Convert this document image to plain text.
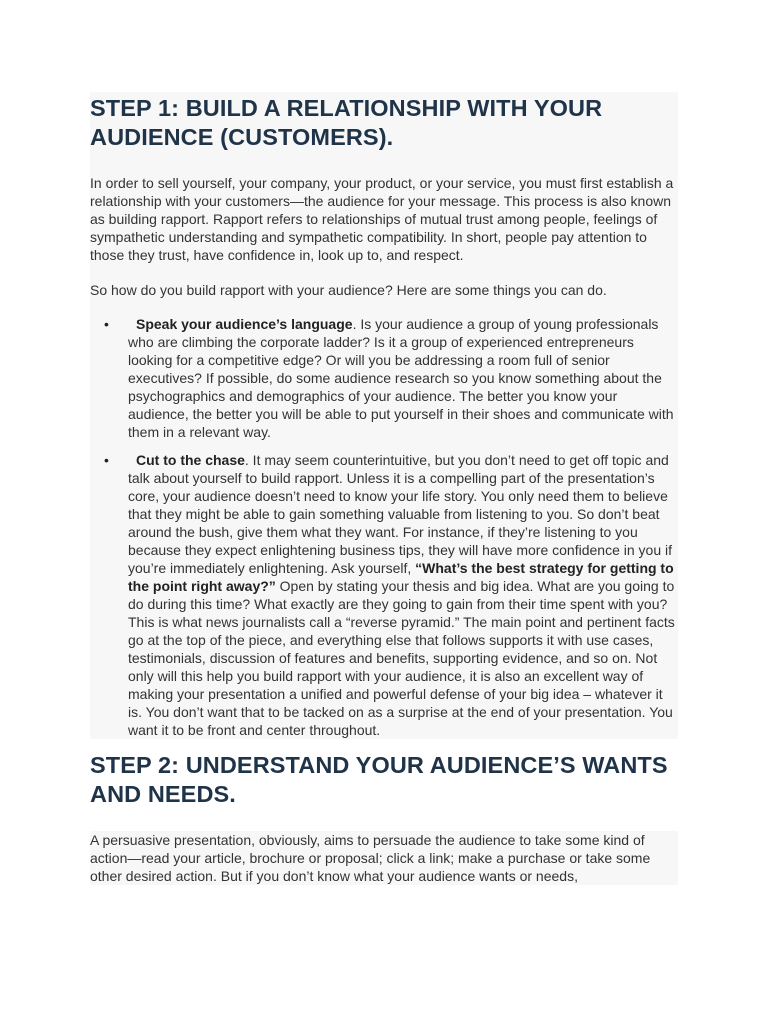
STEP 1: BUILD A RELATIONSHIP WITH YOUR AUDIENCE (CUSTOMERS).

In order to sell yourself, your company, your product, or your service, you must first establish a relationship with your customers—the audience for your message. This process is also known as building rapport. Rapport refers to relationships of mutual trust among people, feelings of sympathetic understanding and sympathetic compatibility. In short, people pay attention to those they trust, have confidence in, look up to, and respect.

So how do you build rapport with your audience? Here are some things you can do.

• Speak your audience’s language. Is your audience a group of young professionals who are climbing the corporate ladder? Is it a group of experienced entrepreneurs looking for a competitive edge? Or will you be addressing a room full of senior executives? If possible, do some audience research so you know something about the psychographics and demographics of your audience. The better you know your audience, the better you will be able to put yourself in their shoes and communicate with them in a relevant way.
• Cut to the chase. It may seem counterintuitive, but you don’t need to get off topic and talk about yourself to build rapport. Unless it is a compelling part of the presentation’s core, your audience doesn’t need to know your life story. You only need them to believe that they might be able to gain something valuable from listening to you. So don’t beat around the bush, give them what they want. For instance, if they’re listening to you because they expect enlightening business tips, they will have more confidence in you if you’re immediately enlightening. Ask yourself, “What’s the best strategy for getting to the point right away?” Open by stating your thesis and big idea. What are you going to do during this time? What exactly are they going to gain from their time spent with you? This is what news journalists call a “reverse pyramid.” The main point and pertinent facts go at the top of the piece, and everything else that follows supports it with use cases, testimonials, discussion of features and benefits, supporting evidence, and so on. Not only will this help you build rapport with your audience, it is also an excellent way of making your presentation a unified and powerful defense of your big idea – whatever it is. You don’t want that to be tacked on as a surprise at the end of your presentation. You want it to be front and center throughout.
STEP 2: UNDERSTAND YOUR AUDIENCE’S WANTS AND NEEDS.

A persuasive presentation, obviously, aims to persuade the audience to take some kind of action—read your article, brochure or proposal; click a link; make a purchase or take some other desired action. But if you don’t know what your audience wants or needs,
